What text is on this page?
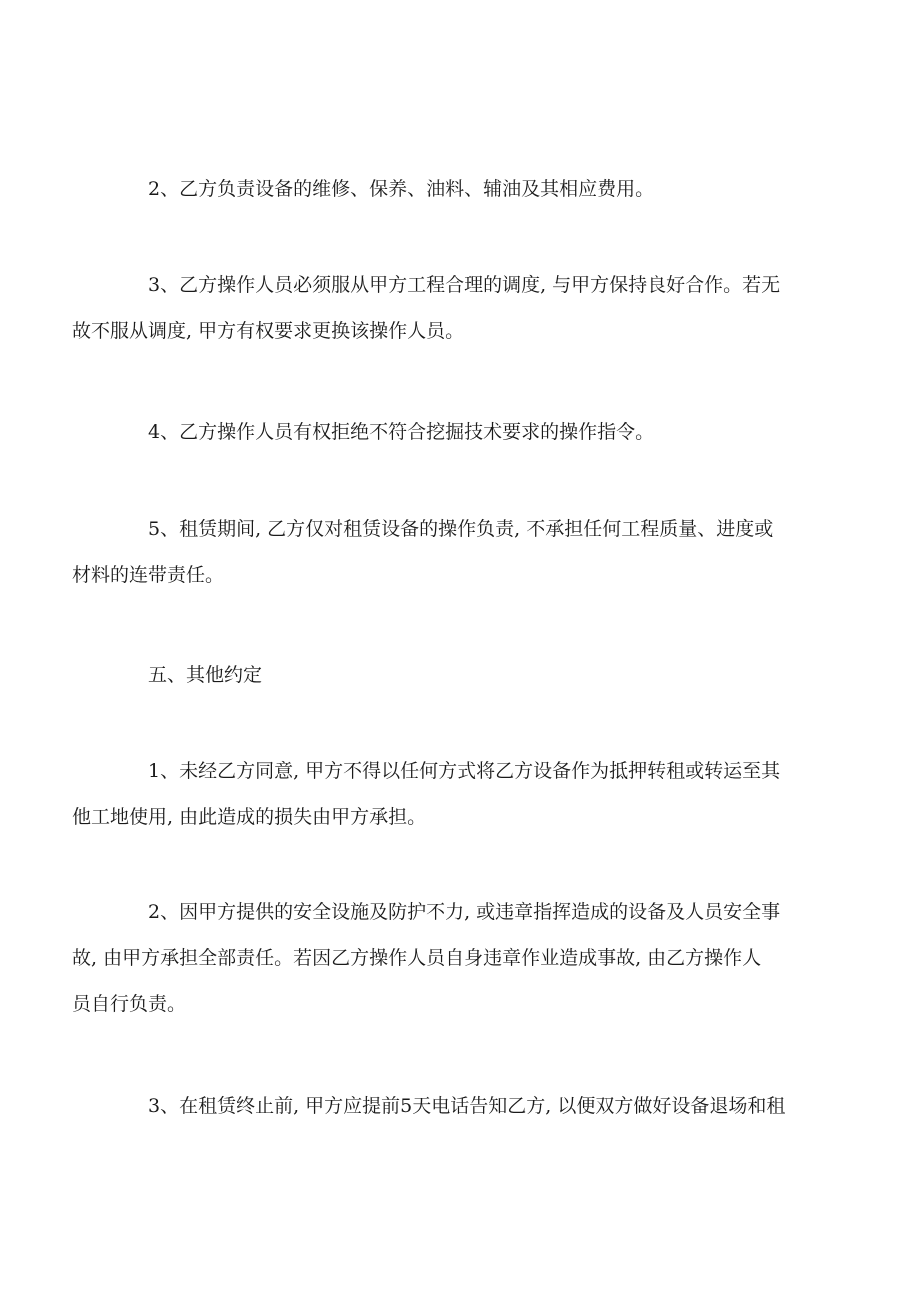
2、乙方负责设备的维修、保养、油料、辅油及其相应费用。

3、乙方操作人员必须服从甲方工程合理的调度, 与甲方保持良好合作。若无
故不服从调度, 甲方有权要求更换该操作人员。

4、乙方操作人员有权拒绝不符合挖掘技术要求的操作指令。

5、租赁期间, 乙方仅对租赁设备的操作负责, 不承担任何工程质量、进度或
材料的连带责任。

五、其他约定

1、未经乙方同意, 甲方不得以任何方式将乙方设备作为抵押转租或转运至其
他工地使用, 由此造成的损失由甲方承担。

2、因甲方提供的安全设施及防护不力, 或违章指挥造成的设备及人员安全事
故, 由甲方承担全部责任。若因乙方操作人员自身违章作业造成事故, 由乙方操作人
员自行负责。

3、在租赁终止前, 甲方应提前5天电话告知乙方, 以便双方做好设备退场和租
